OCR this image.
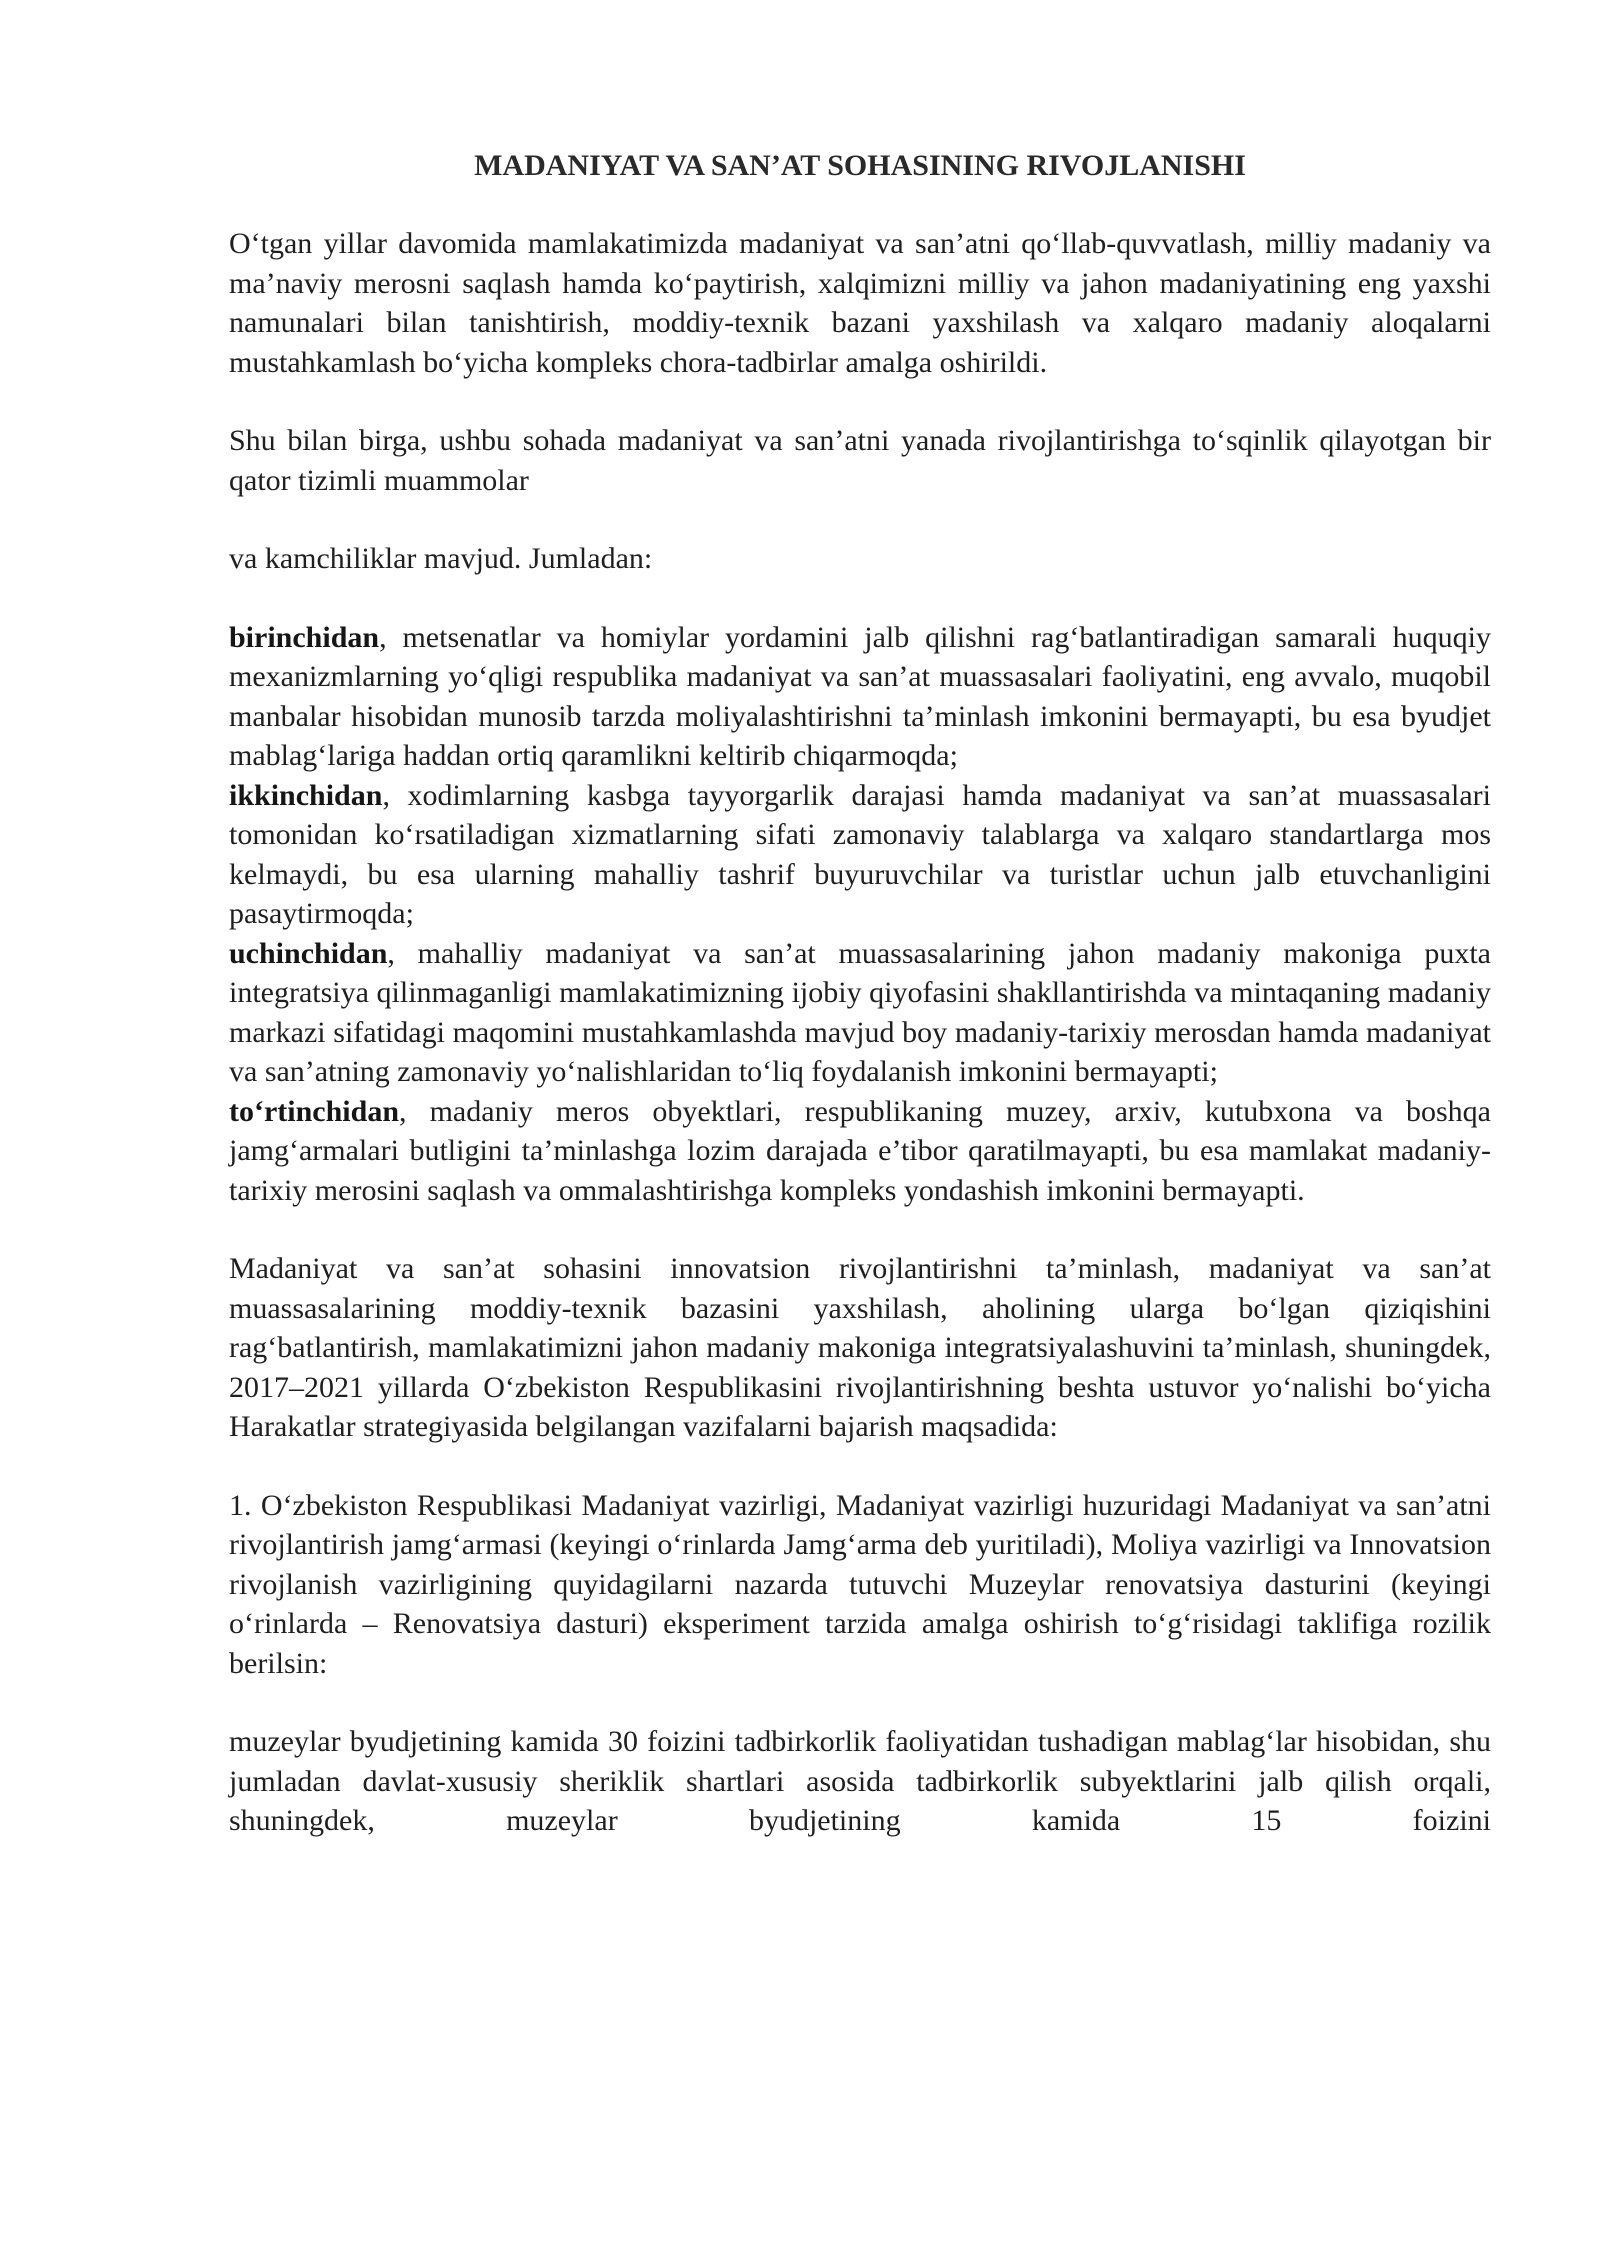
MADANIYAT VA SAN’AT SOHASINING RIVOJLANISHI

O‘tgan yillar davomida mamlakatimizda madaniyat va san’atni qo‘llab-quvvatlash, milliy madaniy va ma’naviy merosni saqlash hamda ko‘paytirish, xalqimizni milliy va jahon madaniyatining eng yaxshi namunalari bilan tanishtirish, moddiy-texnik bazani yaxshilash va xalqaro madaniy aloqalarni mustahkamlash bo‘yicha kompleks chora-tadbirlar amalga oshirildi.

Shu bilan birga, ushbu sohada madaniyat va san’atni yanada rivojlantirishga to‘sqinlik qilayotgan bir qator tizimli muammolar

va kamchiliklar mavjud. Jumladan:

birinchidan, metsenatlar va homiylar yordamini jalb qilishni rag‘batlantiradigan samarali huquqiy mexanizmlarning yo‘qligi respublika madaniyat va san’at muassasalari faoliyatini, eng avvalo, muqobil manbalar hisobidan munosib tarzda moliyalashtirishni ta’minlash imkonini bermayapti, bu esa byudjet mablag‘lariga haddan ortiq qaramlikni keltirib chiqarmoqda;

ikkinchidan, xodimlarning kasbga tayyorgarlik darajasi hamda madaniyat va san’at muassasalari tomonidan ko‘rsatiladigan xizmatlarning sifati zamonaviy talablarga va xalqaro standartlarga mos kelmaydi, bu esa ularning mahalliy tashrif buyuruvchilar va turistlar uchun jalb etuvchanligini pasaytirmoqda;

uchinchidan, mahalliy madaniyat va san’at muassasalarining jahon madaniy makoniga puxta integratsiya qilinmaganligi mamlakatimizning ijobiy qiyofasini shakllantirishda va mintaqaning madaniy markazi sifatidagi maqomini mustahkamlashda mavjud boy madaniy-tarixiy merosdan hamda madaniyat va san’atning zamonaviy yo‘nalishlaridan to‘liq foydalanish imkonini bermayapti;

to‘rtinchidan, madaniy meros obyektlari, respublikaning muzey, arxiv, kutubxona va boshqa jamg‘armalari butligini ta’minlashga lozim darajada e’tibor qaratilmayapti, bu esa mamlakat madaniy-tarixiy merosini saqlash va ommalashtirishga kompleks yondashish imkonini bermayapti.

Madaniyat va san’at sohasini innovatsion rivojlantirishni ta’minlash, madaniyat va san’at muassasalarining moddiy-texnik bazasini yaxshilash, aholining ularga bo‘lgan qiziqishini rag‘batlantirish, mamlakatimizni jahon madaniy makoniga integratsiyalashuvini ta’minlash, shuningdek, 2017–2021 yillarda O‘zbekiston Respublikasini rivojlantirishning beshta ustuvor yo‘nalishi bo‘yicha Harakatlar strategiyasida belgilangan vazifalarni bajarish maqsadida:

1. O‘zbekiston Respublikasi Madaniyat vazirligi, Madaniyat vazirligi huzuridagi Madaniyat va san’atni rivojlantirish jamg‘armasi (keyingi o‘rinlarda Jamg‘arma deb yuritiladi), Moliya vazirligi va Innovatsion rivojlanish vazirligining quyidagilarni nazarda tutuvchi Muzeylar renovatsiya dasturini (keyingi o‘rinlarda – Renovatsiya dasturi) eksperiment tarzida amalga oshirish to‘g‘risidagi taklifiga rozilik berilsin:

muzeylar byudjetining kamida 30 foizini tadbirkorlik faoliyatidan tushadigan mablag‘lar hisobidan, shu jumladan davlat-xususiy sheriklik shartlari asosida tadbirkorlik subyektlarini jalb qilish orqali, shuningdek, muzeylar byudjetining kamida 15 foizini
